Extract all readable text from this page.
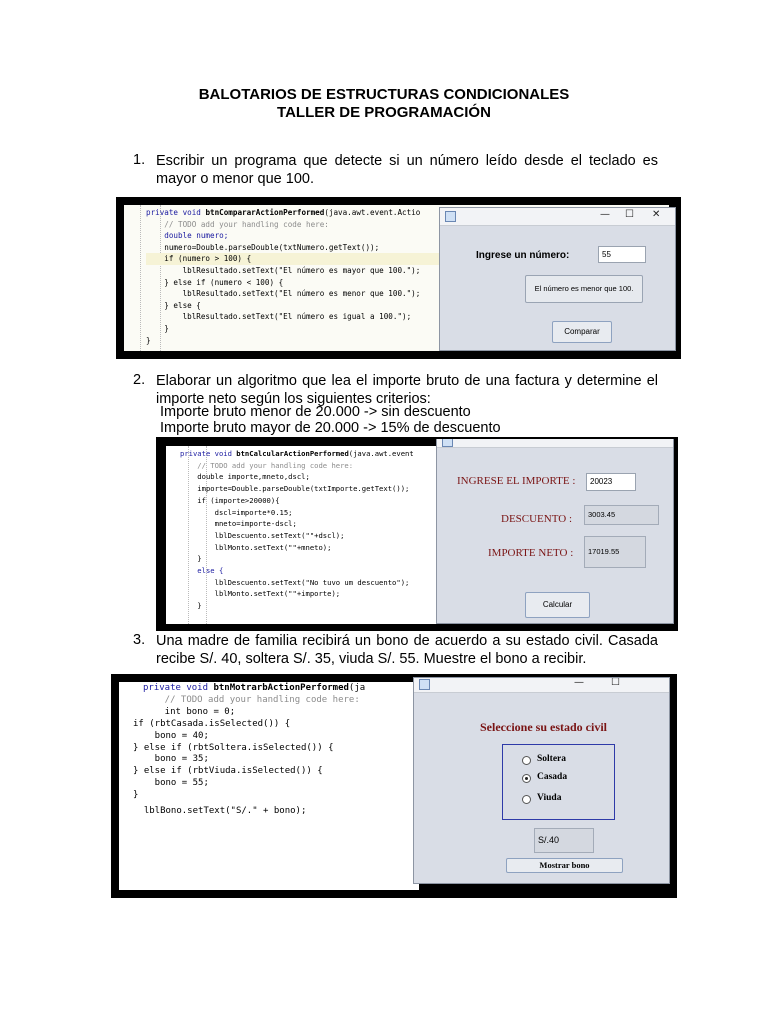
BALOTARIOS DE ESTRUCTURAS CONDICIONALES
TALLER DE PROGRAMACIÓN
1. Escribir un programa que detecte si un número leído desde el teclado es mayor o menor que 100.
private void btnCompararActionPerformed(java.awt.event.Actio
// TODO add your handling code here:
double numero;
numero=Double.parseDouble(txtNumero.getText());
if (numero > 100) {
lblResultado.setText("El número es mayor que 100.");
} else if (numero < 100) {
lblResultado.setText("El número es menor que 100.");
} else {
lblResultado.setText("El número es igual a 100.");
}
}
— ☐ ✕
Ingrese un número:	55
El número es menor que 100.
Comparar
2. Elaborar un algoritmo que lea el importe bruto de una factura y determine el importe neto según los siguientes criterios:
Importe bruto menor de 20.000 -> sin descuento
Importe bruto mayor de 20.000 -> 15% de descuento
private void btnCalcularActionPerformed(java.awt.event
// TODO add your handling code here:
double importe,mneto,dscl;
importe=Double.parseDouble(txtImporte.getText());
if (importe>20000){
dscl=importe*0.15;
mneto=importe-dscl;
lblDescuento.setText(""+dscl);
lblMonto.setText(""+mneto);
}
else {
lblDescuento.setText("No tuvo um descuento");
lblMonto.setText(""+importe);
}
INGRESE EL IMPORTE :	20023
DESCUENTO :	3003.45
IMPORTE NETO :	17019.55
Calcular
3. Una madre de familia recibirá un bono de acuerdo a su estado civil. Casada recibe S/. 40, soltera S/. 35, viuda S/. 55. Muestre el bono a recibir.
private void btnMotrarbActionPerformed(ja
// TODO add your handling code here:
int bono = 0;
if (rbtCasada.isSelected()) {
bono = 40;
} else if (rbtSoltera.isSelected()) {
bono = 35;
} else if (rbtViuda.isSelected()) {
bono = 55;
}
lblBono.setText("S/." + bono);
—	☐
Seleccione su estado civil
Soltera
Casada
Viuda
S/.40
Mostrar bono
